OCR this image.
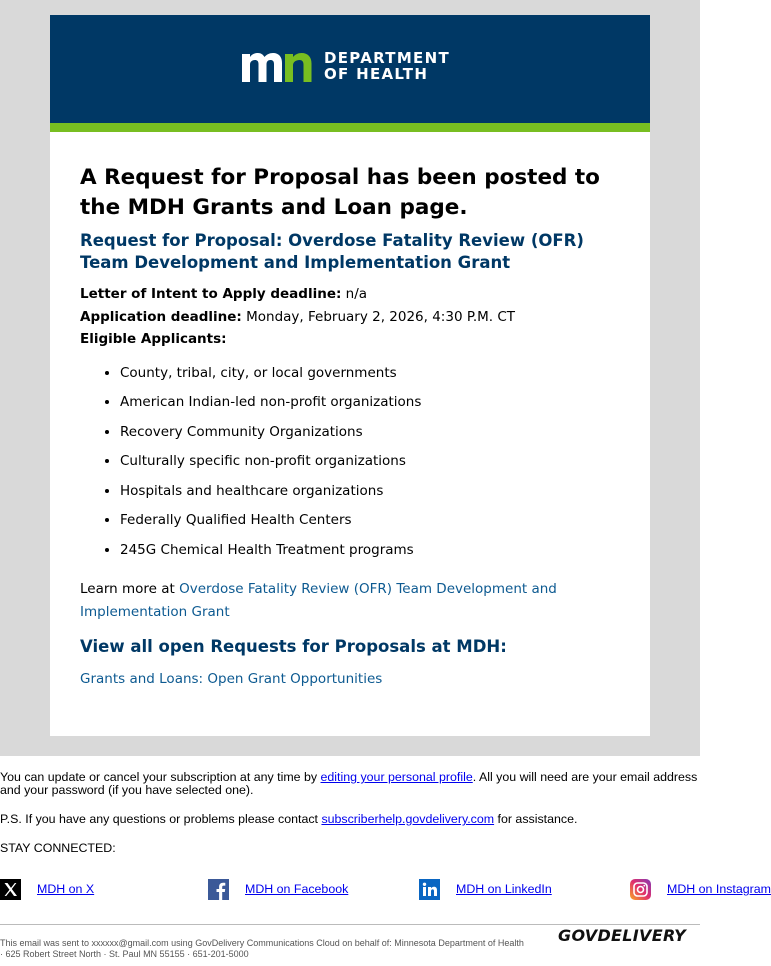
DEPARTMENT
OF HEALTH
A Request for Proposal has been posted to the MDH Grants and Loan page.
Request for Proposal: Overdose Fatality Review (OFR) Team Development and Implementation Grant
Letter of Intent to Apply deadline: n/a
Application deadline: Monday, February 2, 2026, 4:30 P.M. CT
Eligible Applicants:
• County, tribal, city, or local governments
• American Indian-led non-profit organizations
• Recovery Community Organizations
• Culturally specific non-profit organizations
• Hospitals and healthcare organizations
• Federally Qualified Health Centers
• 245G Chemical Health Treatment programs
Learn more at Overdose Fatality Review (OFR) Team Development and Implementation Grant
View all open Requests for Proposals at MDH:
Grants and Loans: Open Grant Opportunities

You can update or cancel your subscription at any time by editing your personal profile. All you will need are your email address and your password (if you have selected one).

P.S. If you have any questions or problems please contact subscriberhelp.govdelivery.com for assistance.

STAY CONNECTED:

MDH on X	MDH on Facebook	MDH on LinkedIn	MDH on Instagram
This email was sent to xxxxxx@gmail.com using GovDelivery Communications Cloud on behalf of: Minnesota Department of Health
· 625 Robert Street North · St. Paul MN 55155 · 651-201-5000
GOVDELIVERY
